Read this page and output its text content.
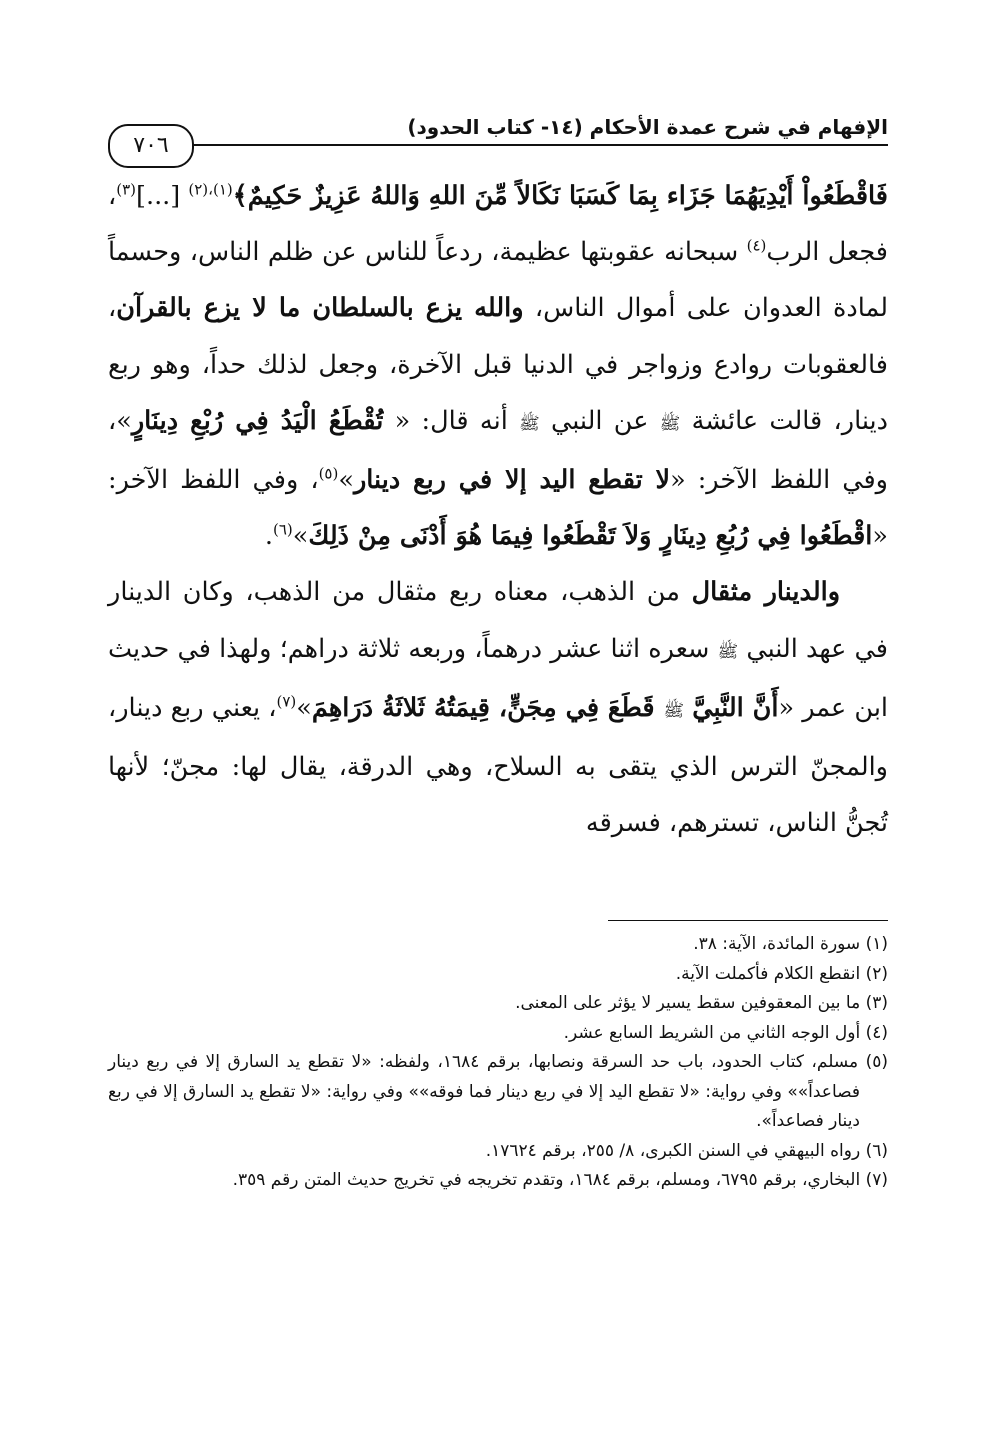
الإفهام في شرح عمدة الأحكام (١٤- كتاب الحدود)
٧٠٦

فَاقْطَعُواْ أَيْدِيَهُمَا جَزَاء بِمَا كَسَبَا نَكَالاً مِّنَ اللهِ وَاللهُ عَزِيزٌ حَكِيمٌ﴾$^{(١)،(٢)}$ [...]$^{(٣)}$، فجعل الرب$^{(٤)}$ سبحانه عقوبتها عظيمة، ردعاً للناس عن ظلم الناس، وحسماً لمادة العدوان على أموال الناس، والله يزع بالسلطان ما لا يزع بالقرآن، فالعقوبات روادع وزواجر في الدنيا قبل الآخرة، وجعل لذلك حداً، وهو ربع دينار، قالت عائشة ﷺ عن النبي ﷺ أنه قال: « تُقْطَعُ الْيَدُ فِي رُبْعِ دِينَارٍ»، وفي اللفظ الآخر: «لا تقطع اليد إلا في ربع دينار»$^{(٥)}$، وفي اللفظ الآخر: «اقْطَعُوا فِي رُبُعِ دِينَارٍ وَلاَ تَقْطَعُوا فِيمَا هُوَ أَدْنَى مِنْ ذَلِكَ»$^{(٦)}$.

والدينار مثقال من الذهب، معناه ربع مثقال من الذهب، وكان الدينار في عهد النبي ﷺ سعره اثنا عشر درهماً، وربعه ثلاثة دراهم؛ ولهذا في حديث ابن عمر «أَنَّ النَّبِيَّ ﷺ قَطَعَ فِي مِجَنٍّ، قِيمَتُهُ ثَلاثَةُ دَرَاهِمَ»$^{(٧)}$، يعني ربع دينار، والمجنّ الترس الذي يتقى به السلاح، وهي الدرقة، يقال لها: مجنّ؛ لأنها تُجنُّ الناس، تسترهم، فسرقه

(١) سورة المائدة، الآية: ٣٨.

(٢) انقطع الكلام فأكملت الآية.

(٣) ما بين المعقوفين سقط يسير لا يؤثر على المعنى.

(٤) أول الوجه الثاني من الشريط السابع عشر.

(٥) مسلم، كتاب الحدود، باب حد السرقة ونصابها، برقم ١٦٨٤، ولفظه: «لا تقطع يد السارق إلا في ربع دينار فصاعداً»» وفي رواية: «لا تقطع اليد إلا في ربع دينار فما فوقه»» وفي رواية: «لا تقطع يد السارق إلا في ربع دينار فصاعداً».

(٦) رواه البيهقي في السنن الكبرى، ٨/ ٢٥٥، برقم ١٧٦٢٤.

(٧) البخاري، برقم ٦٧٩٥، ومسلم، برقم ١٦٨٤، وتقدم تخريجه في تخريج حديث المتن رقم ٣٥٩.
